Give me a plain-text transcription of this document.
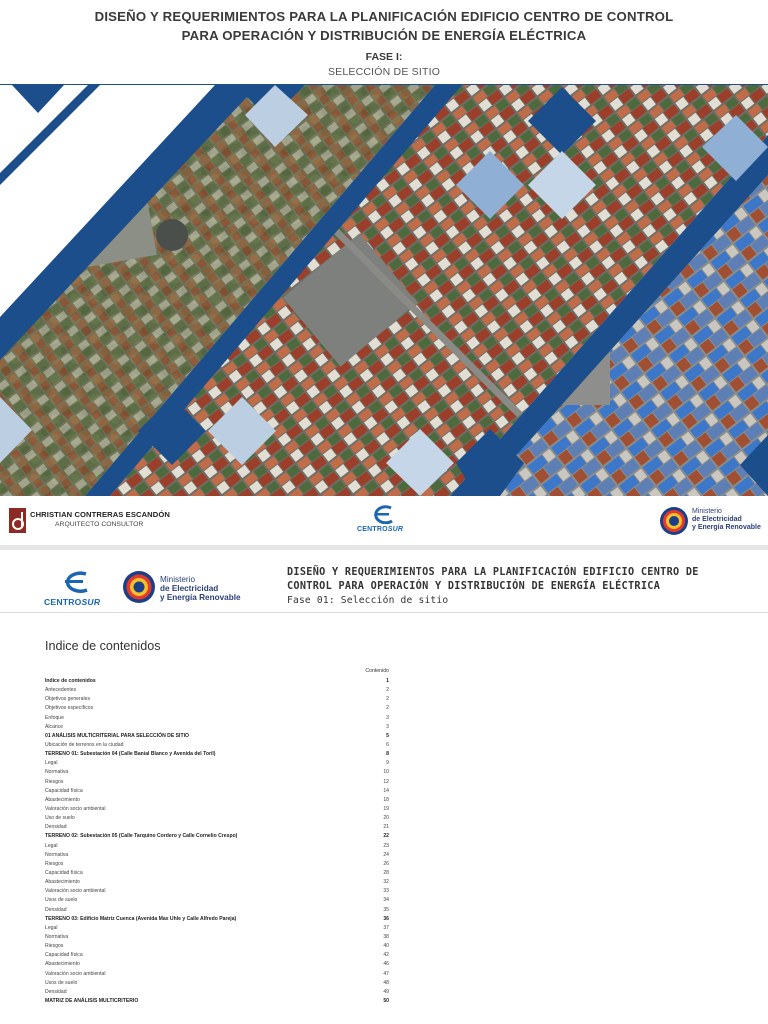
DISEÑO Y REQUERIMIENTOS PARA LA PLANIFICACIÓN EDIFICIO CENTRO DE CONTROL
PARA OPERACIÓN Y DISTRIBUCIÓN DE ENERGÍA ELÉCTRICA
FASE I:
SELECCIÓN DE SITIO
CHRISTIAN CONTRERAS ESCANDÓN
ARQUITECTO CONSULTOR
CENTROSUR
Ministerio
de Electricidad
y Energía Renovable
CENTROSUR
Ministerio
de Electricidad
y Energía Renovable
DISEÑO Y REQUERIMIENTOS PARA LA PLANIFICACIÓN EDIFICIO CENTRO DE
CONTROL PARA OPERACIÓN Y DISTRIBUCIÓN DE ENERGÍA ELÉCTRICA
Fase 01: Selección de sitio
Indice de contenidos
Contenido
Indice de contenidos	1
Antecedentes	2
Objetivos generales	2
Objetivos específicos	2
Enfoque	3
Alcance	3
01 ANÁLISIS MULTICRITERIAL PARA SELECCIÓN DE SITIO	5
Ubicación de terrenos en la ciudad	6
TERRENO 01: Subestación 04 (Calle Banial Blanco y Avenida del Toril)	8
Legal	9
Normativa	10
Riesgos	12
Capacidad física	14
Abastecimiento	18
Valoración socio ambiental	19
Uso de suelo	20
Densidad	21
TERRENO 02: Subestación 05 (Calle Tarquino Cordero y Calle Cornelio Crespo)	22
Legal	23
Normativa	24
Riesgos	26
Capacidad física	28
Abastecimiento	32
Valoración socio ambiental	33
Usos de suelo	34
Densidad	35
TERRENO 03: Edificio Matriz Cuenca (Avenida Max Uhle y Calle Alfredo Pareja)	36
Legal	37
Normativa	38
Riesgos	40
Capacidad física	42
Abastecimiento	46
Valoración socio ambiental	47
Usos de suelo	48
Densidad	49
MATRIZ DE ANÁLISIS MULTICRITERIO	50
